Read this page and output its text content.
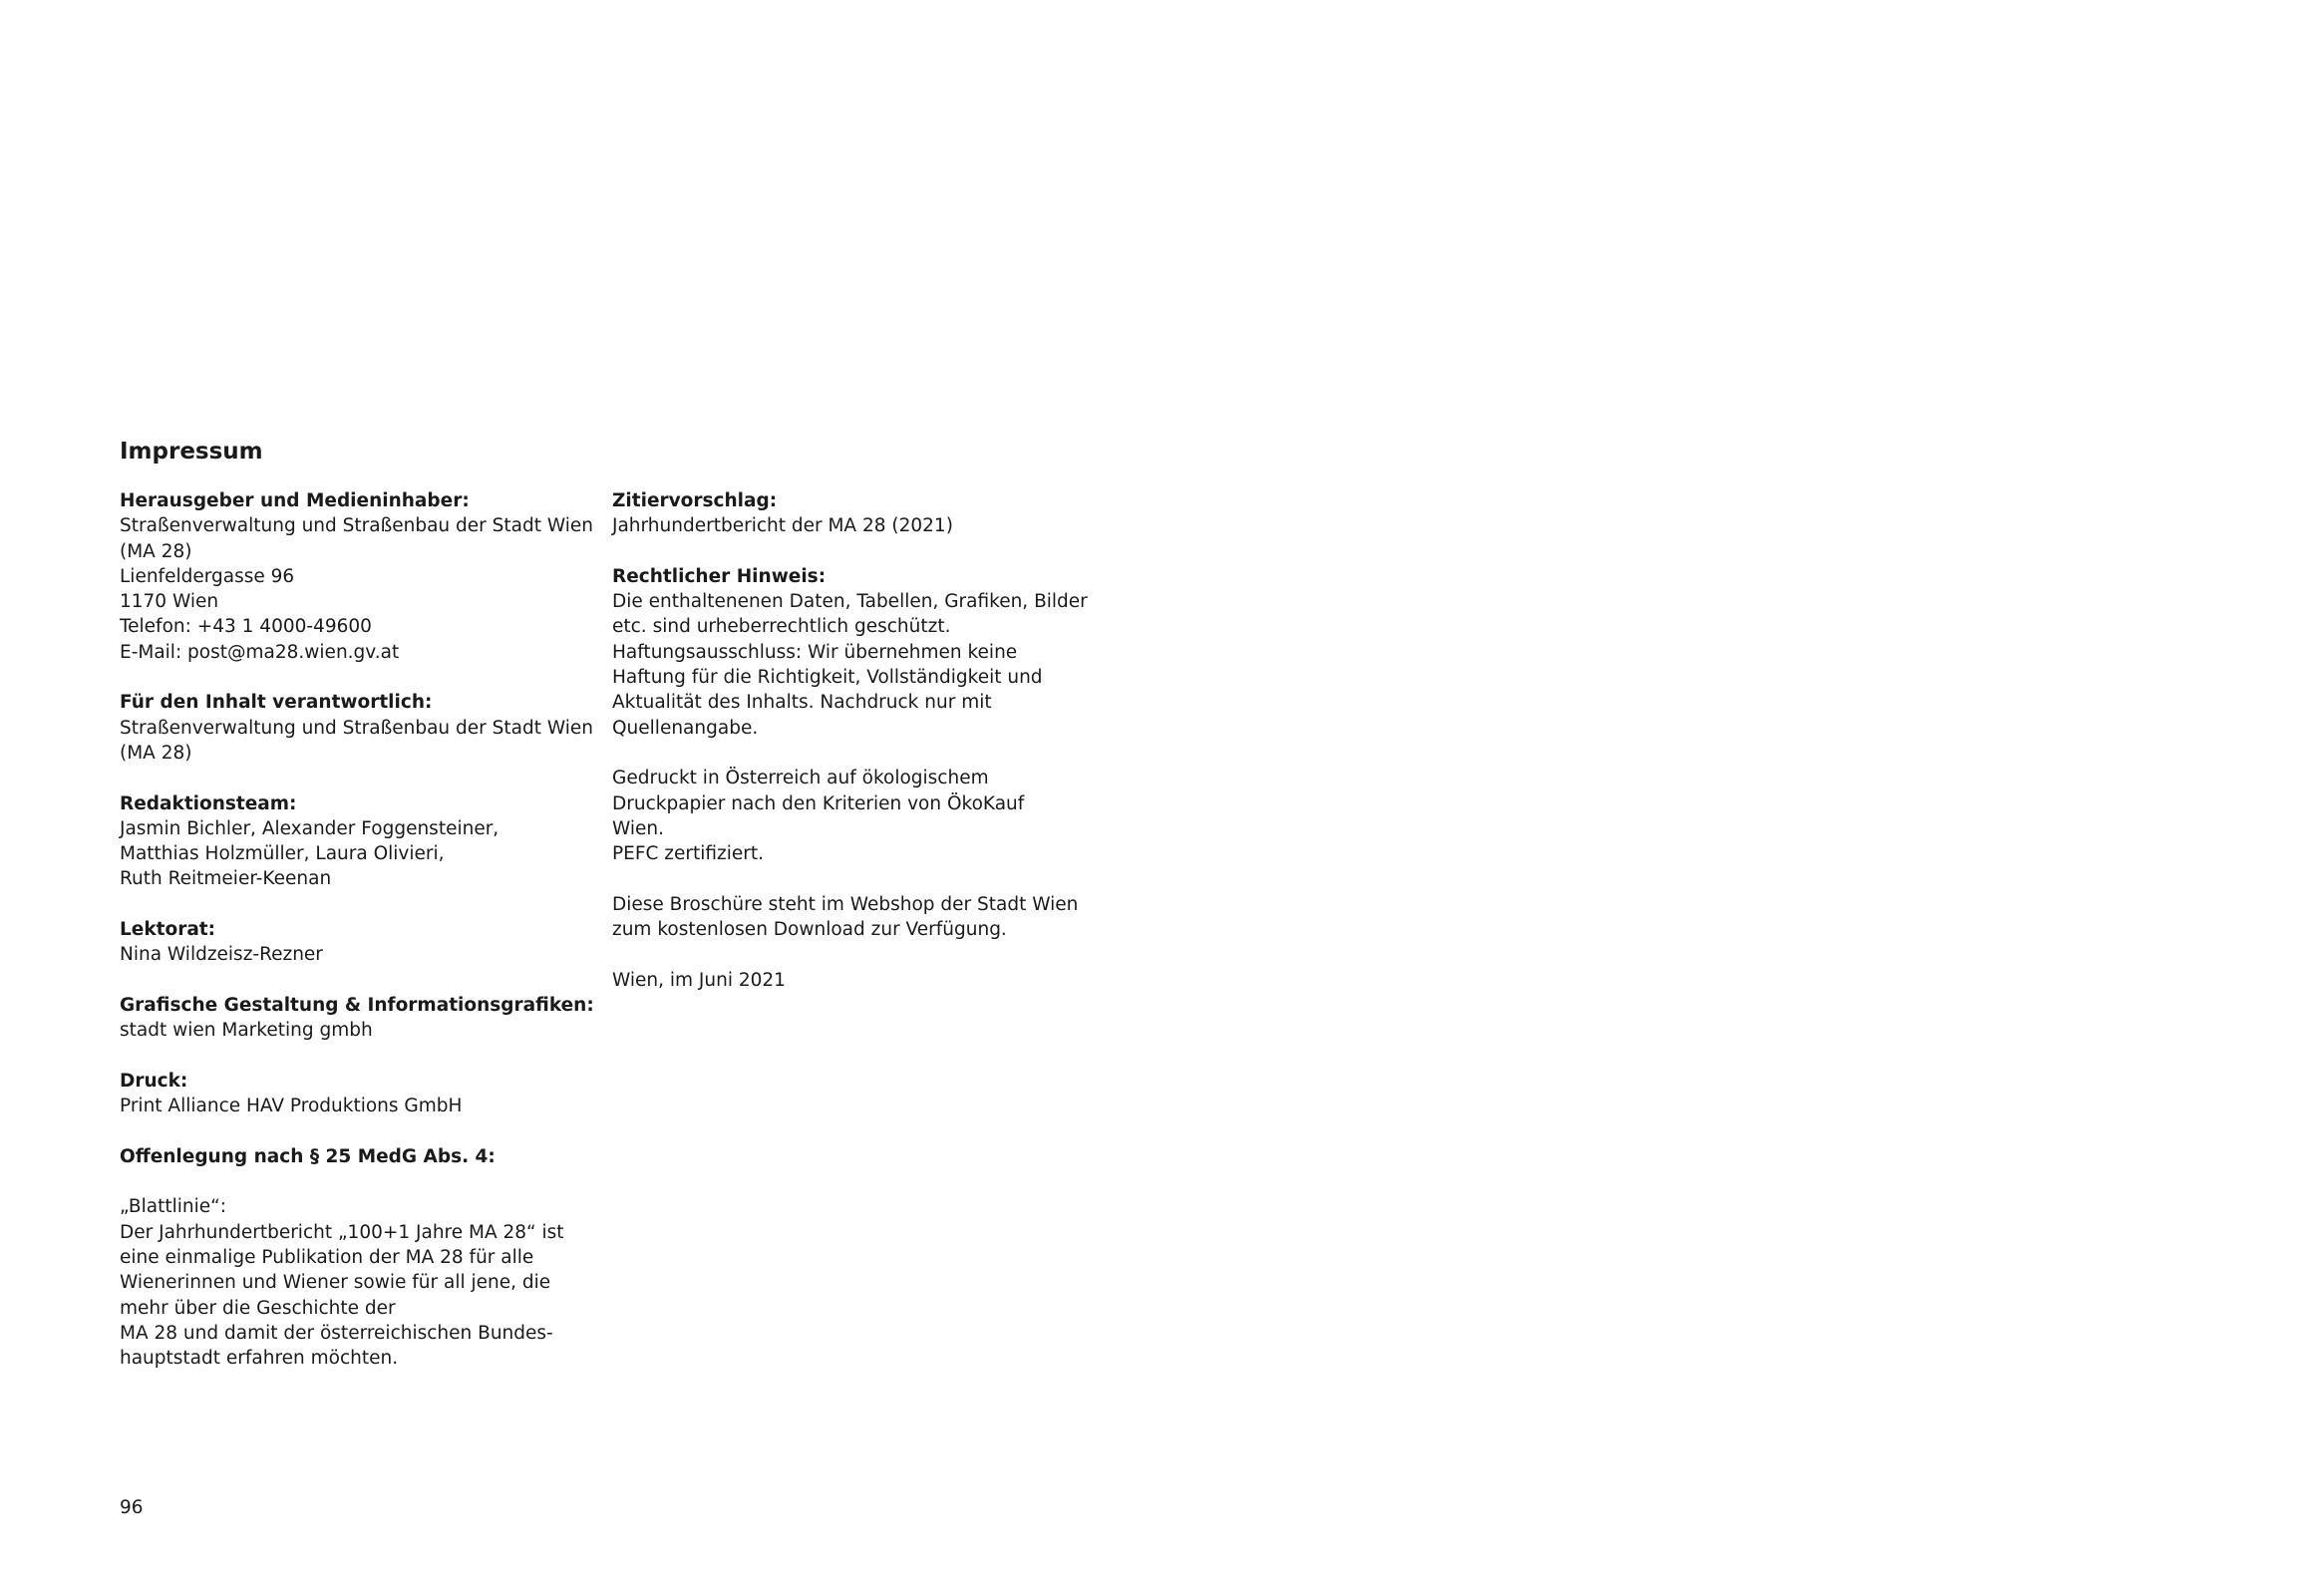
Impressum
Herausgeber und Medieninhaber:
Straßenverwaltung und Straßenbau der Stadt Wien
(MA 28)
Lienfeldergasse 96
1170 Wien
Telefon: +43 1 4000-49600
E-Mail: post@ma28.wien.gv.at
Für den Inhalt verantwortlich:
Straßenverwaltung und Straßenbau der Stadt Wien
(MA 28)
Redaktionsteam:
Jasmin Bichler, Alexander Foggensteiner,
Matthias Holzmüller, Laura Olivieri,
Ruth Reitmeier-Keenan
Lektorat:
Nina Wildzeisz-Rezner
Grafische Gestaltung & Informationsgrafiken:
stadt wien Marketing gmbh
Druck:
Print Alliance HAV Produktions GmbH
Offenlegung nach § 25 MedG Abs. 4:
„Blattlinie“:
Der Jahrhundertbericht „100+1 Jahre MA 28“ ist
eine einmalige Publikation der MA 28 für alle
Wienerinnen und Wiener sowie für all jene, die
mehr über die Geschichte der
MA 28 und damit der österreichischen Bundes-
hauptstadt erfahren möchten.
Zitiervorschlag:
Jahrhundertbericht der MA 28 (2021)
Rechtlicher Hinweis:
Die enthaltenenen Daten, Tabellen, Grafiken, Bilder
etc. sind urheberrechtlich geschützt.
Haftungsausschluss: Wir übernehmen keine
Haftung für die Richtigkeit, Vollständigkeit und
Aktualität des Inhalts. Nachdruck nur mit
Quellenangabe.
Gedruckt in Österreich auf ökologischem
Druckpapier nach den Kriterien von ÖkoKauf
Wien.
PEFC zertifiziert.
Diese Broschüre steht im Webshop der Stadt Wien
zum kostenlosen Download zur Verfügung.
Wien, im Juni 2021
96
